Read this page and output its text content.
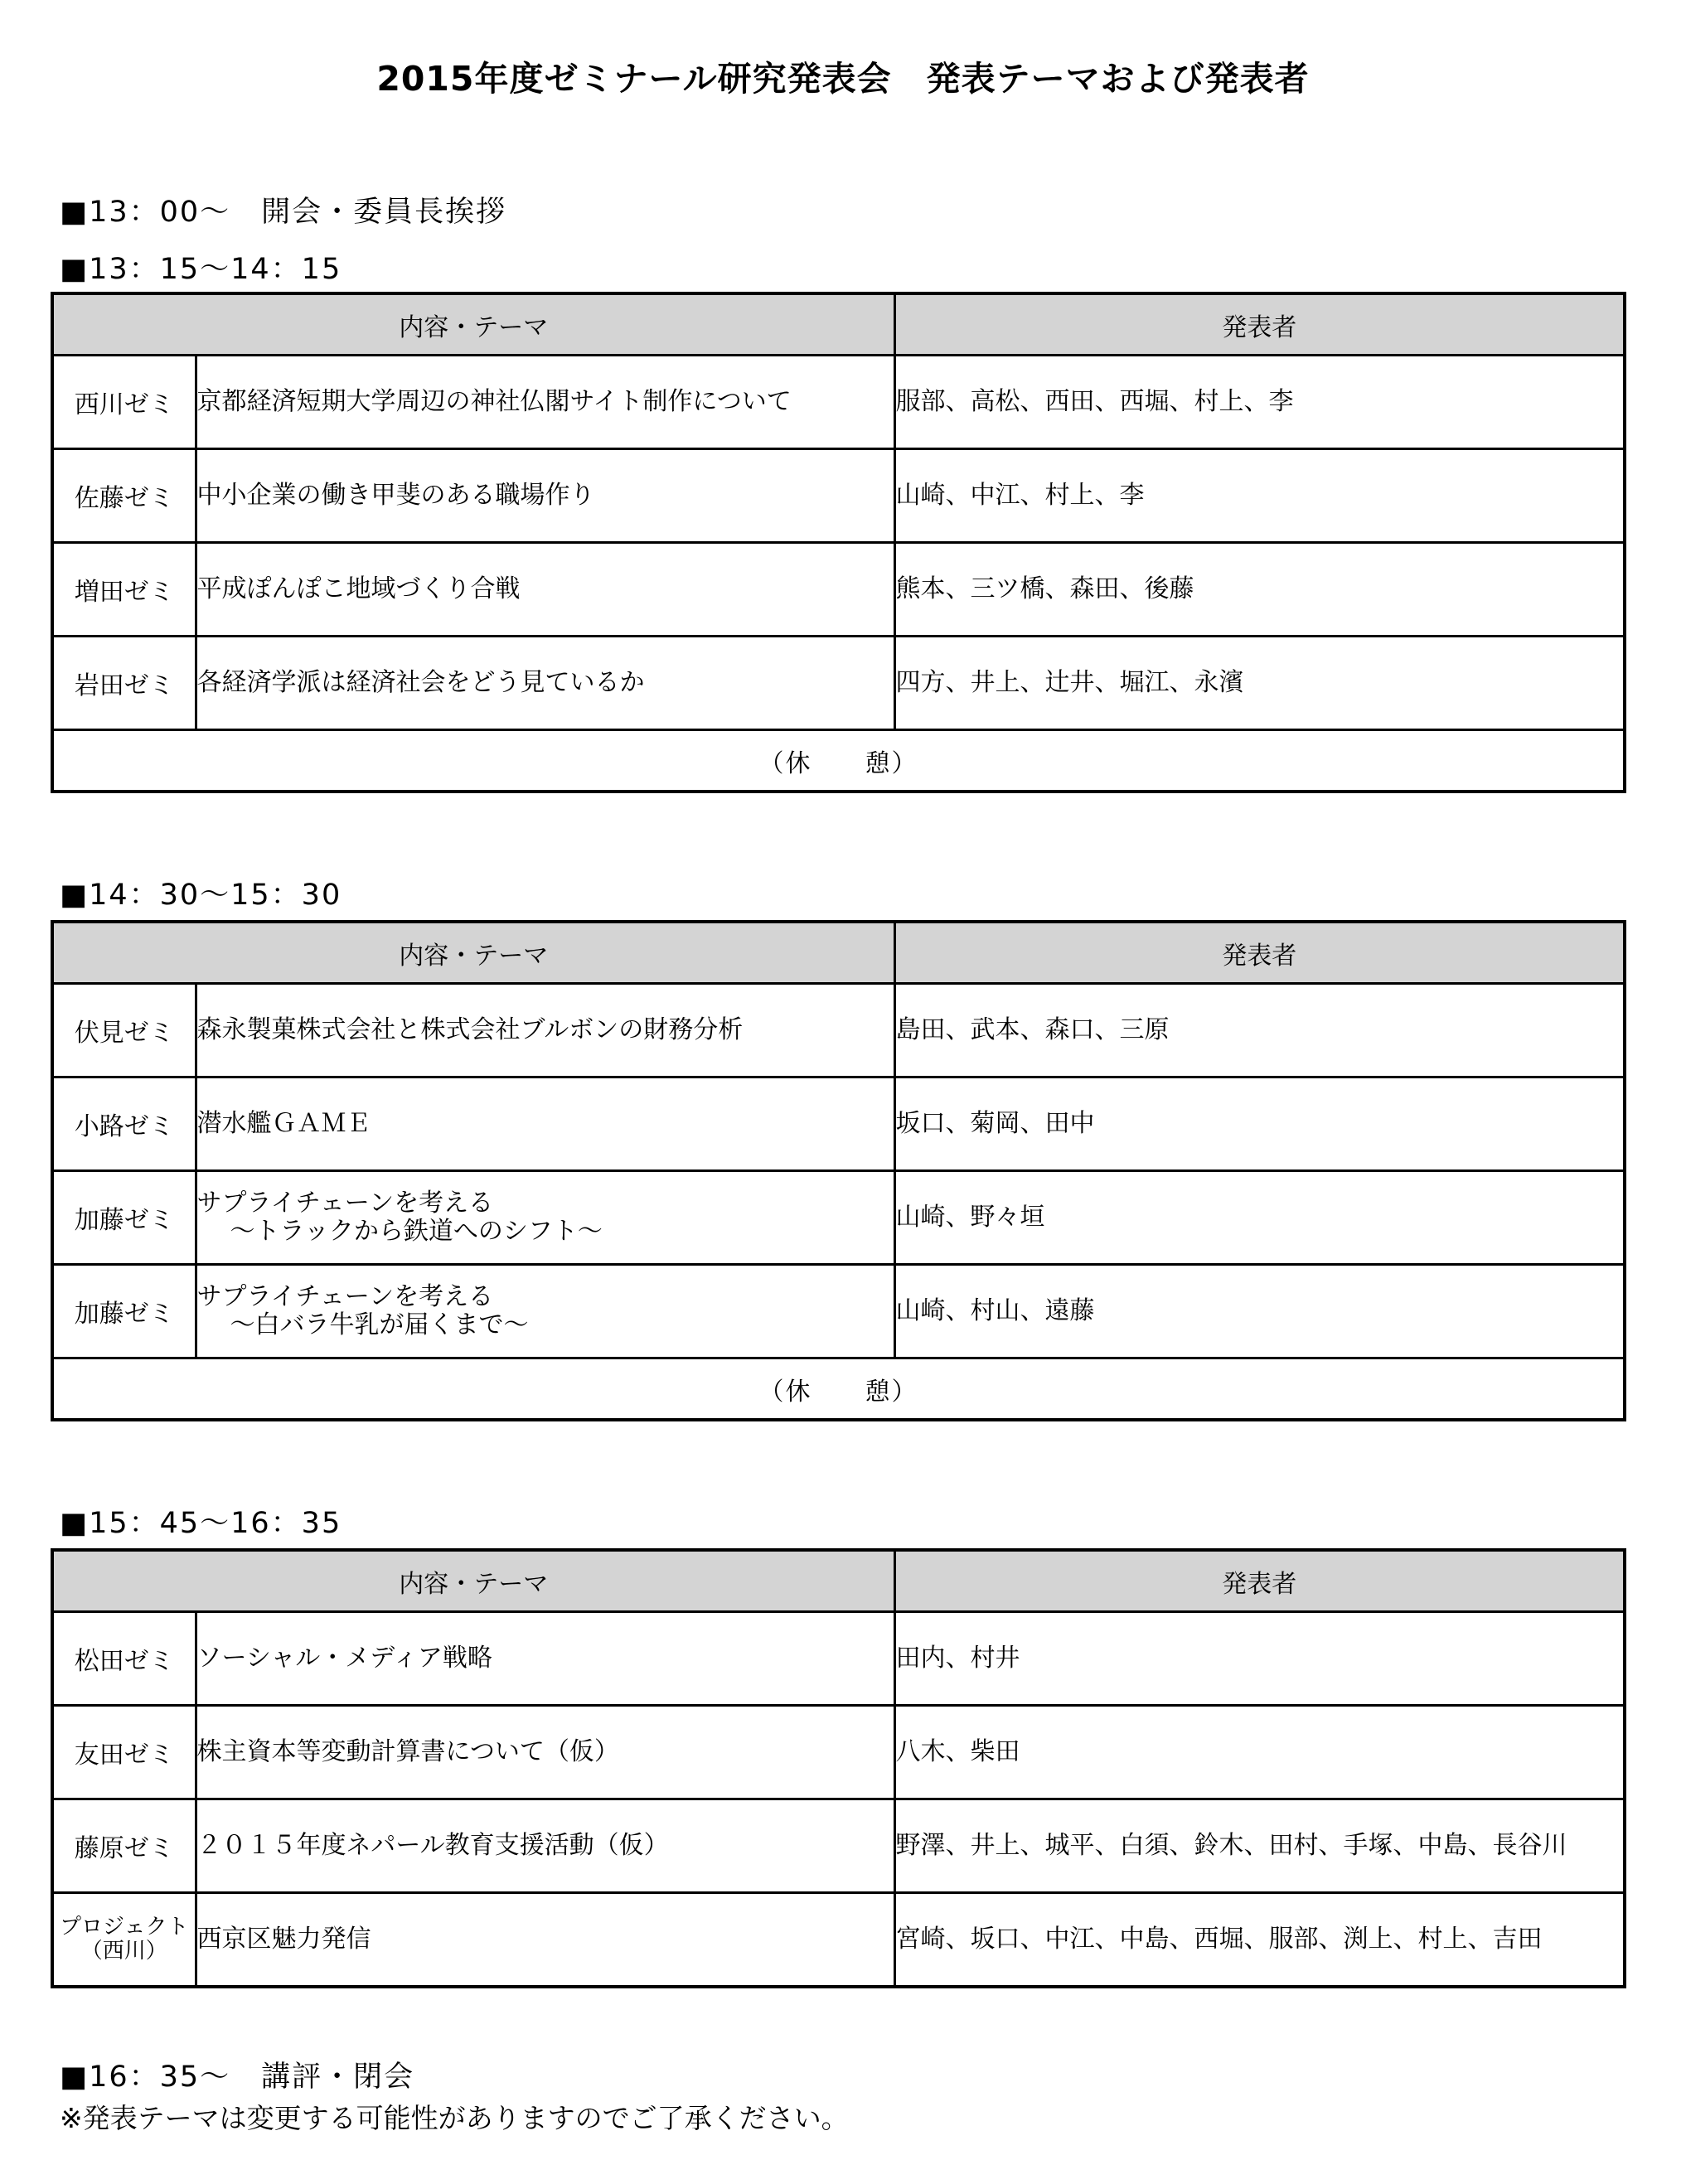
2015年度ゼミナール研究発表会　発表テーマおよび発表者

■13：00～　開会・委員長挨拶

■13：15～14：15

内容・テーマ		発表者
西川ゼミ	京都経済短期大学周辺の神社仏閣サイト制作について	服部、高松、西田、西堀、村上、李
佐藤ゼミ	中小企業の働き甲斐のある職場作り	山崎、中江、村上、李
増田ゼミ	平成ぽんぽこ地域づくり合戦	熊本、三ツ橋、森田、後藤
岩田ゼミ	各経済学派は経済社会をどう見ているか	四方、井上、辻井、堀江、永濱
（休　　憩）		

■14：30～15：30

内容・テーマ		発表者
伏見ゼミ	森永製菓株式会社と株式会社ブルボンの財務分析	島田、武本、森口、三原
小路ゼミ	潜水艦ＧＡＭＥ	坂口、菊岡、田中
加藤ゼミ	サプライチェーンを考える
～トラックから鉄道へのシフト～	山崎、野々垣
加藤ゼミ	サプライチェーンを考える
～白バラ牛乳が届くまで～	山崎、村山、遠藤
（休　　憩）		

■15：45～16：35

内容・テーマ		発表者
松田ゼミ	ソーシャル・メディア戦略	田内、村井
友田ゼミ	株主資本等変動計算書について（仮）	八木、柴田
藤原ゼミ	２０１５年度ネパール教育支援活動（仮）	野澤、井上、城平、白須、鈴木、田村、手塚、中島、長谷川

プロジェクト
（西川）	西京区魅力発信	宮崎、坂口、中江、中島、西堀、服部、渕上、村上、吉田

■16：35～　講評・閉会

※発表テーマは変更する可能性がありますのでご了承ください。
